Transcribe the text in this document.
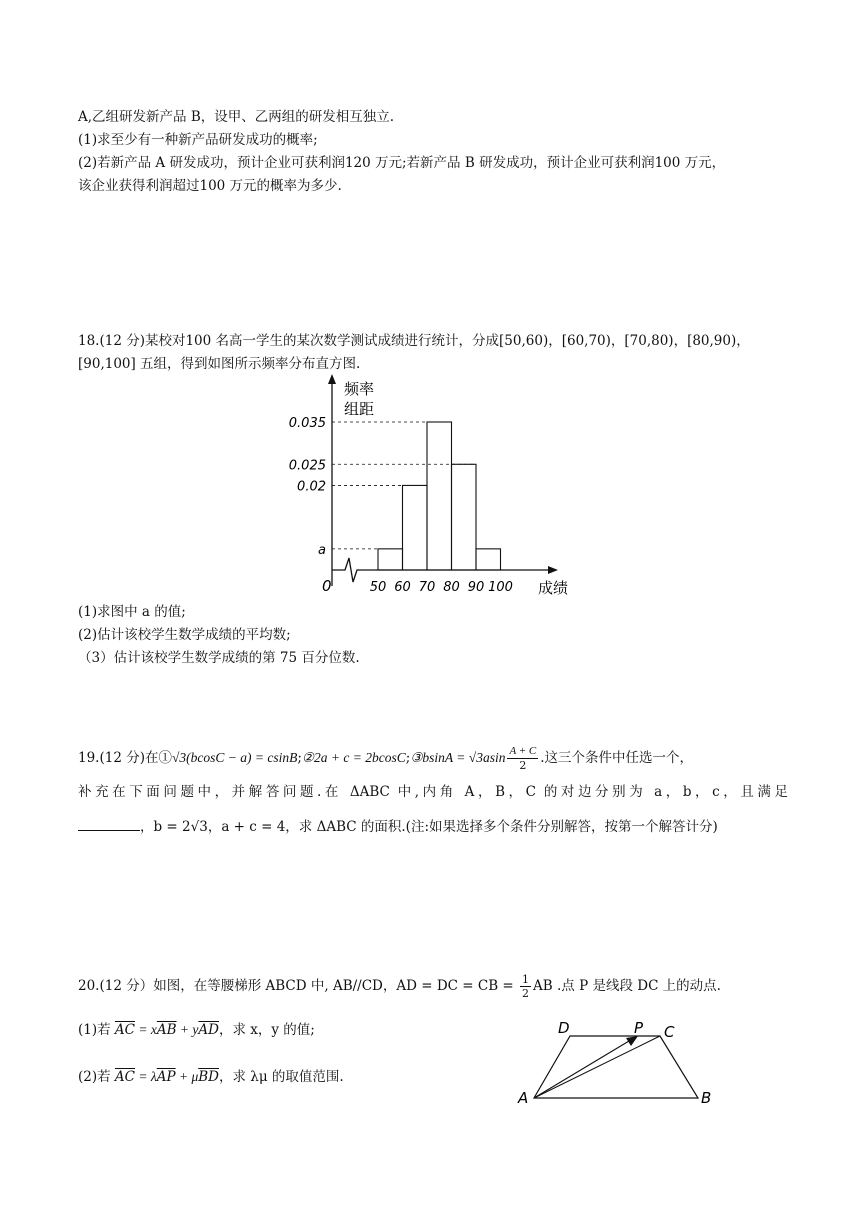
A,乙组研发新产品 B，设甲、乙两组的研发相互独立.
(1)求至少有一种新产品研发成功的概率;
(2)若新产品 A 研发成功，预计企业可获利润120 万元;若新产品 B 研发成功，预计企业可获利润100 万元，
该企业获得利润超过100 万元的概率为多少.
18.(12 分)某校对100 名高一学生的某次数学测试成绩进行统计，分成[50,60)，[60,70)，[70,80)，[80,90)，
[90,100] 五组，得到如图所示频率分布直方图.
0.035
0.025
0.02
a
50 60 70 80 90 100
频率
组距
成绩
0
(1)求图中 a 的值;
(2)估计该校学生数学成绩的平均数;
（3）估计该校学生数学成绩的第 75 百分位数.
19.(12 分)在①√3(bcosC − a) = csinB;②2a + c = 2bcosC;③bsinA = $√3asin \frac{A + C}{2}$ .这三个条件中任选一个，
补充在下面问题中，并解答问题.在 ΔABC 中,内角 A，B，C 的对边分别为 a，b，c，且满足
，b = 2√3，a + c = 4，求 ΔABC 的面积.(注:如果选择多个条件分别解答，按第一个解答计分)
20.(12 分）如图，在等腰梯形 ABCD 中, AB//CD，AD = DC = CB = $\frac{1}{2}$ AB .点 P 是线段 DC 上的动点.
(1)若 $\overline{AC} = x\overline{AB} + y\overline{AD}$，求 x，y 的值;
(2)若 $\overline{AC} = \lambda\overline{AP} + \mu\overline{BD}$，求 λμ 的取值范围.
A	B
C
D	P
